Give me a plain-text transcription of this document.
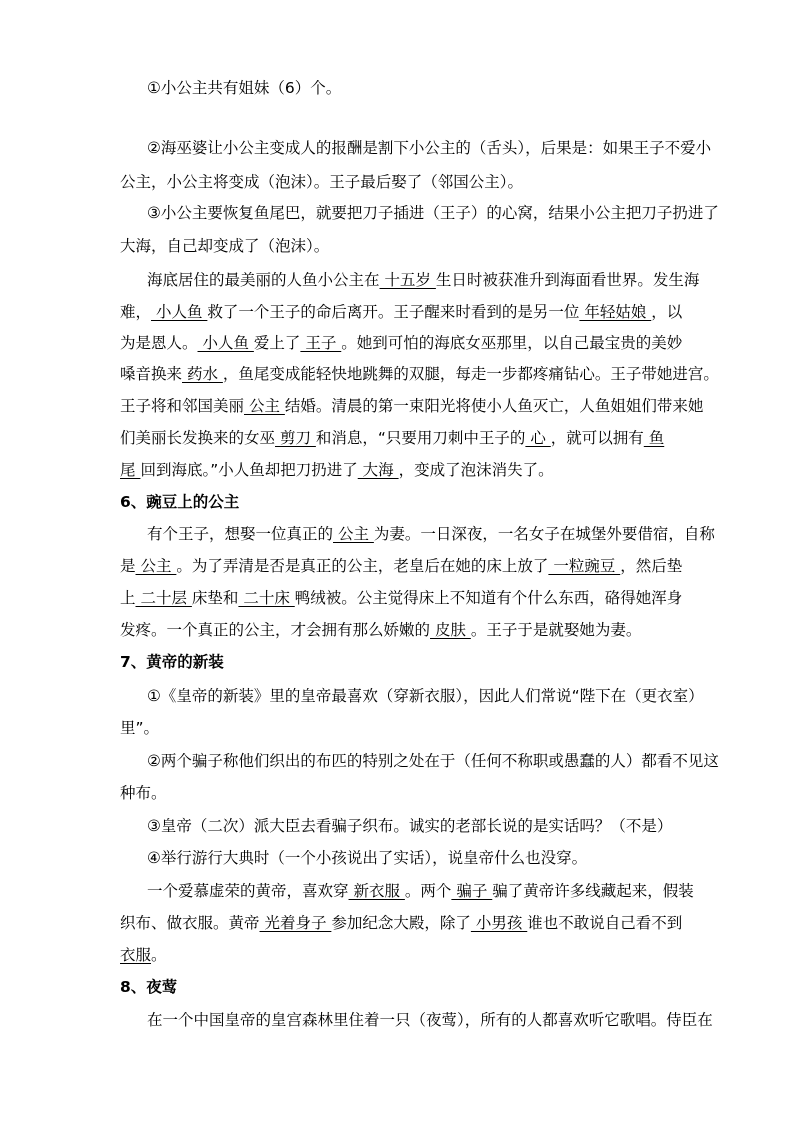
①小公主共有姐妹（6）个。
②海巫婆让小公主变成人的报酬是割下小公主的（舌头），后果是：如果王子不爱小
公主，小公主将变成（泡沫）。王子最后娶了（邻国公主）。
③小公主要恢复鱼尾巴，就要把刀子插进（王子）的心窝，结果小公主把刀子扔进了
大海，自己却变成了（泡沫）。
海底居住的最美丽的人鱼小公主在 十五岁 生日时被获准升到海面看世界。发生海
难， 小人鱼 救了一个王子的命后离开。王子醒来时看到的是另一位 年轻姑娘 ，以
为是恩人。 小人鱼 爱上了 王子 。她到可怕的海底女巫那里，以自己最宝贵的美妙
嗓音换来 药水 ，鱼尾变成能轻快地跳舞的双腿，每走一步都疼痛钻心。王子带她进宫。
王子将和邻国美丽 公主 结婚。清晨的第一束阳光将使小人鱼灭亡，人鱼姐姐们带来她
们美丽长发换来的女巫 剪刀 和消息，“只要用刀刺中王子的 心 ，就可以拥有 鱼
尾 回到海底。”小人鱼却把刀扔进了 大海 ，变成了泡沫消失了。
6、豌豆上的公主
有个王子，想娶一位真正的 公主 为妻。一日深夜，一名女子在城堡外要借宿，自称
是 公主 。为了弄清是否是真正的公主，老皇后在她的床上放了 一粒豌豆 ，然后垫
上 二十层 床垫和 二十床 鸭绒被。公主觉得床上不知道有个什么东西，硌得她浑身
发疼。一个真正的公主，才会拥有那么娇嫩的 皮肤 。王子于是就娶她为妻。
7、黄帝的新装
①《皇帝的新装》里的皇帝最喜欢（穿新衣服），因此人们常说“陛下在（更衣室）
里”。
②两个骗子称他们织出的布匹的特别之处在于（任何不称职或愚蠢的人）都看不见这
种布。
③皇帝（二次）派大臣去看骗子织布。诚实的老部长说的是实话吗？（不是）
④举行游行大典时（一个小孩说出了实话），说皇帝什么也没穿。
一个爱慕虚荣的黄帝，喜欢穿 新衣服 。两个 骗子 骗了黄帝许多线藏起来，假装
织布、做衣服。黄帝 光着身子 参加纪念大殿，除了 小男孩 谁也不敢说自己看不到
衣服。
8、夜莺
在一个中国皇帝的皇宫森林里住着一只（夜莺），所有的人都喜欢听它歌唱。侍臣在
